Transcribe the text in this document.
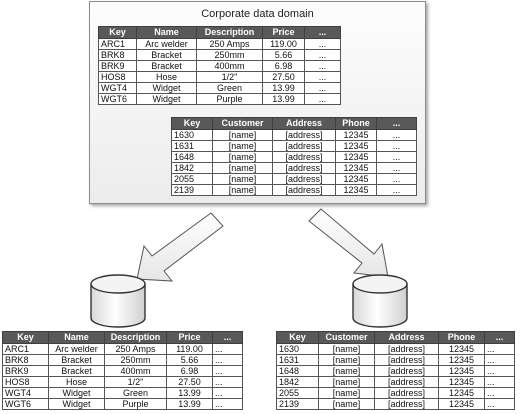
Corporate data domain
Key	Name	Description	Price	...
ARC1	Arc welder	250 Amps	119.00	...
BRK8	Bracket	250mm	5.66	...
BRK9	Bracket	400mm	6.98	...
HOS8	Hose	1/2"	27.50	...
WGT4	Widget	Green	13.99	...
WGT6	Widget	Purple	13.99	...
Key	Customer	Address	Phone	...
1630	[name]	[address]	12345	...
1631	[name]	[address]	12345	...
1648	[name]	[address]	12345	...
1842	[name]	[address]	12345	...
2055	[name]	[address]	12345	...
2139	[name]	[address]	12345	...
Key	Name	Description	Price	...
ARC1	Arc welder	250 Amps	119.00	...
BRK8	Bracket	250mm	5.66	...
BRK9	Bracket	400mm	6.98	...
HOS8	Hose	1/2"	27.50	...
WGT4	Widget	Green	13.99	...
WGT6	Widget	Purple	13.99	...
Key	Customer	Address	Phone	...
1630	[name]	[address]	12345	...
1631	[name]	[address]	12345	...
1648	[name]	[address]	12345	...
1842	[name]	[address]	12345	...
2055	[name]	[address]	12345	...
2139	[name]	[address]	12345	...
